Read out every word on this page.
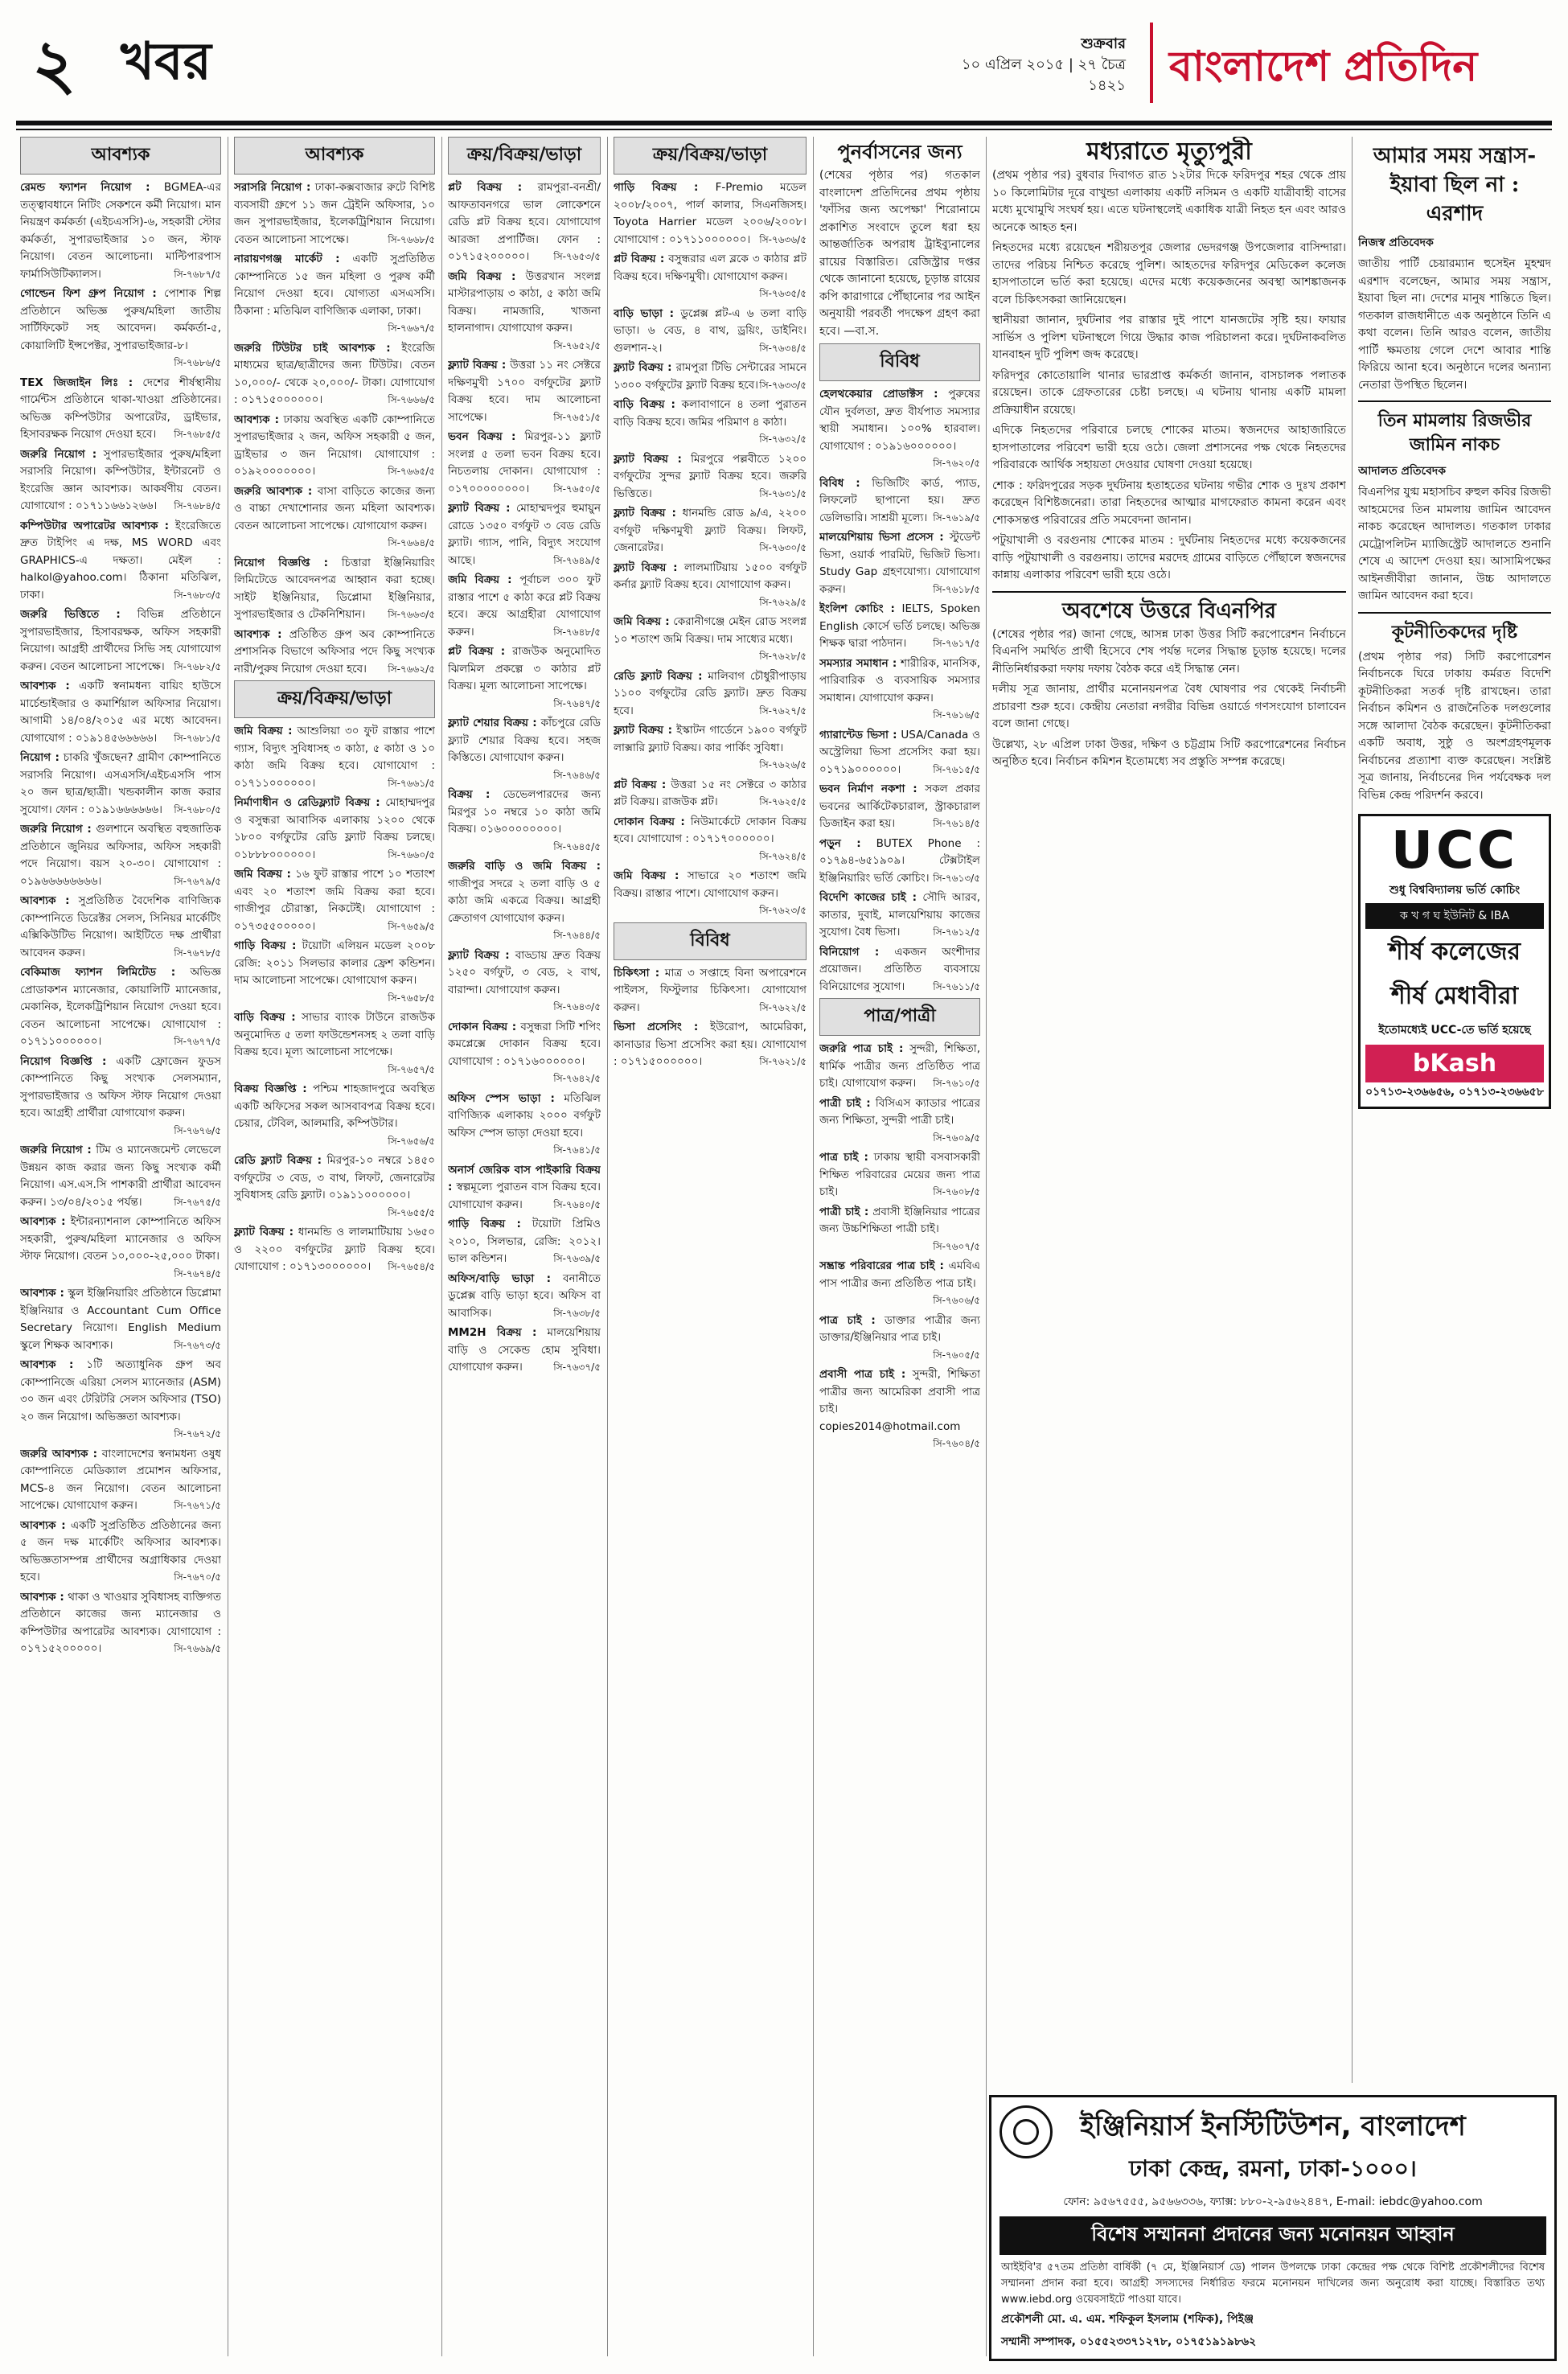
২ খবর	শুক্রবার
১০ এপ্রিল ২০১৫ | ২৭ চৈত্র ১৪২১ বাংলাদেশ প্রতিদিন
আবশ্যক

রেমন্ড ফ্যাশন নিয়োগ : BGMEA-এর তত্ত্বাবধানে নিটিং সেকশনে কর্মী নিয়োগ। মান নিয়ন্ত্রণ কর্মকর্তা (এইচএসসি)-৬, সহকারী স্টোর কর্মকর্তা, সুপারভাইজার ১০ জন, স্টাফ নিয়োগ। বেতন আলোচনা। মাল্টিপারপাস ফার্মাসিউটিক্যালস।	সি-৭৬৮৭/৫

গোল্ডেন ফিশ গ্রুপ নিয়োগ : পোশাক শিল্প প্রতিষ্ঠানে অভিজ্ঞ পুরুষ/মহিলা জাতীয় সার্টিফিকেট সহ আবেদন। কর্মকর্তা-৫, কোয়ালিটি ইন্সপেক্টর, সুপারভাইজার-৮।
সি-৭৬৮৬/৫

TEX জিজাইন লিঃ : দেশের শীর্ষস্থানীয় গার্মেন্টস প্রতিষ্ঠানে থাকা-খাওয়া প্রতিষ্ঠানের। অভিজ্ঞ কম্পিউটার অপারেটর, ড্রাইভার, হিসাবরক্ষক নিয়োগ দেওয়া হবে। সি-৭৬৮৫/৫

জরুরি নিয়োগ : সুপারভাইজার পুরুষ/মহিলা সরাসরি নিয়োগ। কম্পিউটার, ইন্টারনেট ও ইংরেজি জ্ঞান আবশ্যক। আকর্ষণীয় বেতন। যোগাযোগ : ০১৭১১৬৬১২৬৬। সি-৭৬৮৪/৫

কম্পিউটার অপারেটর আবশ্যক : ইংরেজিতে দ্রুত টাইপিং এ দক্ষ, MS WORD এবং GRAPHICS-এ দক্ষতা। মেইল : halkol@yahoo.com। ঠিকানা মতিঝিল, ঢাকা।	সি-৭৬৮৩/৫

জরুরি ভিত্তিতে : বিভিন্ন প্রতিষ্ঠানে সুপারভাইজার, হিসাবরক্ষক, অফিস সহকারী নিয়োগ। আগ্রহী প্রার্থীদের সিভি সহ যোগাযোগ করুন। বেতন আলোচনা সাপেক্ষে। সি-৭৬৮২/৫

আবশ্যক : একটি স্বনামধন্য বায়িং হাউসে মার্চেন্ডাইজার ও কমার্শিয়াল অফিসার নিয়োগ। আগামী ১৪/০৪/২০১৫ এর মধ্যে আবেদন। যোগাযোগ : ০১৯১৪৫৬৬৬৬৬। সি-৭৬৮১/৫

নিয়োগ : চাকরি খুঁজছেন? গ্রামীণ কোম্পানিতে সরাসরি নিয়োগ। এসএসসি/এইচএসসি পাস ২০ জন ছাত্র/ছাত্রী। খন্ডকালীন কাজ করার সুযোগ। ফোন : ০১৯১৬৬৬৬৬৬। সি-৭৬৮০/৫

জরুরি নিয়োগ : গুলশানে অবস্থিত বহুজাতিক প্রতিষ্ঠানে জুনিয়র অফিসার, অফিস সহকারী পদে নিয়োগ। বয়স ২০-৩০। যোগাযোগ : ০১৯৬৬৬৬৬৬৬৬।	সি-৭৬৭৯/৫

আবশ্যক : সুপ্রতিষ্ঠিত বৈদেশিক বাণিজ্যিক কোম্পানিতে ডিরেক্টর সেলস, সিনিয়র মার্কেটিং এক্সিকিউটিভ নিয়োগ। আইটিতে দক্ষ প্রার্থীরা আবেদন করুন।	সি-৭৬৭৮/৫

বেকিমাজ ফ্যাশন লিমিটেড : অভিজ্ঞ প্রোডাকশন ম্যানেজার, কোয়ালিটি ম্যানেজার, মেকানিক, ইলেকট্রিশিয়ান নিয়োগ দেওয়া হবে। বেতন আলোচনা সাপেক্ষে। যোগাযোগ : ০১৭১১০০০০০০।	সি-৭৬৭৭/৫

নিয়োগ বিজ্ঞপ্তি : একটি ফ্রোজেন ফুডস কোম্পানিতে কিছু সংখ্যক সেলসম্যান, সুপারভাইজার ও অফিস স্টাফ নিয়োগ দেওয়া হবে। আগ্রহী প্রার্থীরা যোগাযোগ করুন।
সি-৭৬৭৬/৫

জরুরি নিয়োগ : টিম ও ম্যানেজমেন্ট লেভেলে উন্নয়ন কাজ করার জন্য কিছু সংখ্যক কর্মী নিয়োগ। এস.এস.সি পাশকারী প্রার্থীরা আবেদন করুন। ১৩/০৪/২০১৫ পর্যন্ত।	সি-৭৬৭৫/৫

আবশ্যক : ইন্টারন্যাশনাল কোম্পানিতে অফিস সহকারী, পুরুষ/মহিলা ম্যানেজার ও অফিস স্টাফ নিয়োগ। বেতন ১০,০০০-২৫,০০০ টাকা।
সি-৭৬৭৪/৫

আবশ্যক : স্কুল ইঞ্জিনিয়ারিং প্রতিষ্ঠানে ডিপ্লোমা ইঞ্জিনিয়ার ও Accountant Cum Office Secretary নিয়োগ। English Medium স্কুলে শিক্ষক আবশ্যক।	সি-৭৬৭৩/৫

আবশ্যক : ১টি অত্যাধুনিক গ্রুপ অব কোম্পানিজে এরিয়া সেলস ম্যানেজার (ASM) ৩০ জন এবং টেরিটরি সেলস অফিসার (TSO) ২০ জন নিয়োগ। অভিজ্ঞতা আবশ্যক।
সি-৭৬৭২/৫

জরুরি আবশ্যক : বাংলাদেশের স্বনামধন্য ওষুধ কোম্পানিতে মেডিক্যাল প্রমোশন অফিসার, MCS-৪ জন নিয়োগ। বেতন আলোচনা সাপেক্ষে। যোগাযোগ করুন।	সি-৭৬৭১/৫

আবশ্যক : একটি সুপ্রতিষ্ঠিত প্রতিষ্ঠানের জন্য ৫ জন দক্ষ মার্কেটিং অফিসার আবশ্যক। অভিজ্ঞতাসম্পন্ন প্রার্থীদের অগ্রাধিকার দেওয়া হবে।	সি-৭৬৭০/৫

আবশ্যক : থাকা ও খাওয়ার সুবিধাসহ ব্যক্তিগত প্রতিষ্ঠানে কাজের জন্য ম্যানেজার ও কম্পিউটার অপারেটর আবশ্যক। যোগাযোগ : ০১৭১৫২০০০০০।	সি-৭৬৬৯/৫

আবশ্যক

সরাসরি নিয়োগ : ঢাকা-কক্সবাজার রুটে বিশিষ্ট ব্যবসায়ী গ্রুপে ১১ জন ট্রেইনি অফিসার, ১০ জন সুপারভাইজার, ইলেকট্রিশিয়ান নিয়োগ। বেতন আলোচনা সাপেক্ষে।	সি-৭৬৬৮/৫

নারায়ণগঞ্জ মার্কেট : একটি সুপ্রতিষ্ঠিত কোম্পানিতে ১৫ জন মহিলা ও পুরুষ কর্মী নিয়োগ দেওয়া হবে। যোগ্যতা এসএসসি। ঠিকানা : মতিঝিল বাণিজ্যিক এলাকা, ঢাকা।
সি-৭৬৬৭/৫

জরুরি টিউটর চাই আবশ্যক : ইংরেজি মাধ্যমের ছাত্র/ছাত্রীদের জন্য টিউটর। বেতন ১০,০০০/- থেকে ২০,০০০/- টাকা। যোগাযোগ : ০১৭১৫০০০০০০।	সি-৭৬৬৬/৫

আবশ্যক : ঢাকায় অবস্থিত একটি কোম্পানিতে সুপারভাইজার ২ জন, অফিস সহকারী ৫ জন, ড্রাইভার ৩ জন নিয়োগ। যোগাযোগ : ০১৯২০০০০০০০।	সি-৭৬৬৫/৫

জরুরি আবশ্যক : বাসা বাড়িতে কাজের জন্য ও বাচ্চা দেখাশোনার জন্য মহিলা আবশ্যক। বেতন আলোচনা সাপেক্ষে। যোগাযোগ করুন।
সি-৭৬৬৪/৫

নিয়োগ বিজ্ঞপ্তি : চিত্তারা ইঞ্জিনিয়ারিং লিমিটেডে আবেদনপত্র আহ্বান করা হচ্ছে। সাইট ইঞ্জিনিয়ার, ডিপ্লোমা ইঞ্জিনিয়ার, সুপারভাইজার ও টেকনিশিয়ান। সি-৭৬৬৩/৫

আবশ্যক : প্রতিষ্ঠিত গ্রুপ অব কোম্পানিতে প্রশাসনিক বিভাগে অফিসার পদে কিছু সংখ্যক নারী/পুরুষ নিয়োগ দেওয়া হবে। সি-৭৬৬২/৫

ক্রয়/বিক্রয়/ভাড়া

জমি বিক্রয় : আশুলিয়া ৩০ ফুট রাস্তার পাশে গ্যাস, বিদ্যুৎ সুবিধাসহ ৩ কাঠা, ৫ কাঠা ও ১০ কাঠা জমি বিক্রয় হবে। যোগাযোগ : ০১৭১১০০০০০০।	সি-৭৬৬১/৫

নির্মাণাধীন ও রেডিফ্ল্যাট বিক্রয় : মোহাম্মদপুর ও বসুন্ধরা আবাসিক এলাকায় ১২০০ থেকে ১৮০০ বর্গফুটের রেডি ফ্ল্যাট বিক্রয় চলছে। ০১৮৮৮০০০০০০।	সি-৭৬৬০/৫

জমি বিক্রয় : ১৬ ফুট রাস্তার পাশে ১০ শতাংশ এবং ২০ শতাংশ জমি বিক্রয় করা হবে। গাজীপুর চৌরাস্তা, নিকটেই। যোগাযোগ : ০১৭৩৫৫০০০০০।	সি-৭৬৫৯/৫

গাড়ি বিক্রয় : টয়োটা এলিয়ন মডেল ২০০৮ রেজি: ২০১১ সিলভার কালার ফ্রেশ কন্ডিশন। দাম আলোচনা সাপেক্ষে। যোগাযোগ করুন।
সি-৭৬৫৮/৫

বাড়ি বিক্রয় : সাভার ব্যাংক টাউনে রাজউক অনুমোদিত ৫ তলা ফাউন্ডেশনসহ ২ তলা বাড়ি বিক্রয় হবে। মূল্য আলোচনা সাপেক্ষে।
সি-৭৬৫৭/৫

বিক্রয় বিজ্ঞপ্তি : পশ্চিম শাহজাদপুরে অবস্থিত একটি অফিসের সকল আসবাবপত্র বিক্রয় হবে। চেয়ার, টেবিল, আলমারি, কম্পিউটার।
সি-৭৬৫৬/৫

রেডি ফ্ল্যাট বিক্রয় : মিরপুর-১০ নম্বরে ১৪৫০ বর্গফুটের ৩ বেড, ৩ বাথ, লিফট, জেনারেটর সুবিধাসহ রেডি ফ্ল্যাট। ০১৯১১০০০০০০।
সি-৭৬৫৫/৫

ফ্ল্যাট বিক্রয় : ধানমন্ডি ও লালমাটিয়ায় ১৬৫০ ও ২২০০ বর্গফুটের ফ্ল্যাট বিক্রয় হবে। যোগাযোগ : ০১৭১৩০০০০০০। সি-৭৬৫৪/৫

ক্রয়/বিক্রয়/ভাড়া

প্লট বিক্রয় : রামপুরা-বনশ্রী/আফতাবনগরে ভাল লোকেশনে রেডি প্লট বিক্রয় হবে। যোগাযোগ আরজা প্রপার্টিজ। ফোন : ০১৭১৫২০০০০০। সি-৭৬৫৩/৫

জমি বিক্রয় : উত্তরখান সংলগ্ন মাস্টারপাড়ায় ৩ কাঠা, ৫ কাঠা জমি বিক্রয়। নামজারি, খাজনা হালনাগাদ। যোগাযোগ করুন।
সি-৭৬৫২/৫

ফ্ল্যাট বিক্রয় : উত্তরা ১১ নং সেক্টরে দক্ষিণমুখী ১৭০০ বর্গফুটের ফ্ল্যাট বিক্রয় হবে। দাম আলোচনা সাপেক্ষে।	সি-৭৬৫১/৫

ভবন বিক্রয় : মিরপুর-১১ ফ্ল্যাট সংলগ্ন ৫ তলা ভবন বিক্রয় হবে। নিচতলায় দোকান। যোগাযোগ : ০১৭০০০০০০০০। সি-৭৬৫০/৫

ফ্ল্যাট বিক্রয় : মোহাম্মদপুর হুমায়ুন রোডে ১৩৫০ বর্গফুট ৩ বেড রেডি ফ্ল্যাট। গ্যাস, পানি, বিদ্যুৎ সংযোগ আছে।	সি-৭৬৪৯/৫

জমি বিক্রয় : পূর্বাচল ৩০০ ফুট রাস্তার পাশে ৫ কাঠা করে প্লট বিক্রয় হবে। ক্রয়ে আগ্রহীরা যোগাযোগ করুন।	সি-৭৬৪৮/৫

প্লট বিক্রয় : রাজউক অনুমোদিত ঝিলমিল প্রকল্পে ৩ কাঠার প্লট বিক্রয়। মূল্য আলোচনা সাপেক্ষে।
সি-৭৬৪৭/৫

ফ্ল্যাট শেয়ার বিক্রয় : কাঁচপুরে রেডি ফ্ল্যাট শেয়ার বিক্রয় হবে। সহজ কিস্তিতে। যোগাযোগ করুন।
সি-৭৬৪৬/৫

বিক্রয় : ডেভেলপারদের জন্য মিরপুর ১০ নম্বরে ১০ কাঠা জমি বিক্রয়। ০১৬০০০০০০০০।
সি-৭৬৪৫/৫

জরুরি বাড়ি ও জমি বিক্রয় : গাজীপুর সদরে ২ তলা বাড়ি ও ৫ কাঠা জমি একত্রে বিক্রয়। আগ্রহী ক্রেতাগণ যোগাযোগ করুন।
সি-৭৬৪৪/৫

ফ্ল্যাট বিক্রয় : বাড্ডায় দ্রুত বিক্রয় ১২৫০ বর্গফুট, ৩ বেড, ২ বাথ, বারান্দা। যোগাযোগ করুন।
সি-৭৬৪৩/৫

দোকান বিক্রয় : বসুন্ধরা সিটি শপিং কমপ্লেক্সে দোকান বিক্রয় হবে। যোগাযোগ : ০১৭১৬০০০০০০।
সি-৭৬৪২/৫

অফিস স্পেস ভাড়া : মতিঝিল বাণিজ্যিক এলাকায় ২০০০ বর্গফুট অফিস স্পেস ভাড়া দেওয়া হবে।
সি-৭৬৪১/৫

অনার্স জেরিক বাস পাইকারি বিক্রয় : স্বল্পমূল্যে পুরাতন বাস বিক্রয় হবে। যোগাযোগ করুন।	সি-৭৬৪০/৫

গাড়ি বিক্রয় : টয়োটা প্রিমিও ২০১০, সিলভার, রেজি: ২০১২। ভাল কন্ডিশন।	সি-৭৬৩৯/৫

অফিস/বাড়ি ভাড়া : বনানীতে ডুপ্লেক্স বাড়ি ভাড়া হবে। অফিস বা আবাসিক।	সি-৭৬৩৮/৫

MM2H বিক্রয় : মালয়েশিয়ায় বাড়ি ও সেকেন্ড হোম সুবিধা। যোগাযোগ করুন।	সি-৭৬৩৭/৫

ক্রয়/বিক্রয়/ভাড়া

গাড়ি বিক্রয় : F-Premio মডেল ২০০৮/২০০৭, পার্ল কালার, সিএনজিসহ। Toyota Harrier মডেল ২০০৬/২০০৮। যোগাযোগ : ০১৭১১০০০০০০। সি-৭৬৩৬/৫

প্লট বিক্রয় : বসুন্ধরার এল ব্লকে ৩ কাঠার প্লট বিক্রয় হবে। দক্ষিণমুখী। যোগাযোগ করুন।
সি-৭৬৩৫/৫

বাড়ি ভাড়া : ডুপ্লেক্স প্লট-এ ৬ তলা বাড়ি ভাড়া। ৬ বেড, ৪ বাথ, ড্রয়িং, ডাইনিং। গুলশান-২।	সি-৭৬৩৪/৫

ফ্ল্যাট বিক্রয় : রামপুরা টিভি সেন্টারের সামনে ১৩০০ বর্গফুটের ফ্ল্যাট বিক্রয় হবে। সি-৭৬৩৩/৫

বাড়ি বিক্রয় : কলাবাগানে ৪ তলা পুরাতন বাড়ি বিক্রয় হবে। জমির পরিমাণ ৪ কাঠা।
সি-৭৬৩২/৫

ফ্ল্যাট বিক্রয় : মিরপুরে পল্লবীতে ১২০০ বর্গফুটের সুন্দর ফ্ল্যাট বিক্রয় হবে। জরুরি ভিত্তিতে।	সি-৭৬৩১/৫

ফ্ল্যাট বিক্রয় : ধানমন্ডি রোড ৯/এ, ২২০০ বর্গফুট দক্ষিণমুখী ফ্ল্যাট বিক্রয়। লিফট, জেনারেটর।	সি-৭৬৩০/৫

ফ্ল্যাট বিক্রয় : লালমাটিয়ায় ১৫০০ বর্গফুট কর্নার ফ্ল্যাট বিক্রয় হবে। যোগাযোগ করুন।
সি-৭৬২৯/৫

জমি বিক্রয় : কেরানীগঞ্জে মেইন রোড সংলগ্ন ১০ শতাংশ জমি বিক্রয়। দাম সাধ্যের মধ্যে।
সি-৭৬২৮/৫

রেডি ফ্ল্যাট বিক্রয় : মালিবাগ চৌধুরীপাড়ায় ১১০০ বর্গফুটের রেডি ফ্ল্যাট। দ্রুত বিক্রয় হবে।	সি-৭৬২৭/৫

ফ্ল্যাট বিক্রয় : ইস্কাটন গার্ডেনে ১৯০০ বর্গফুট লাক্সারি ফ্ল্যাট বিক্রয়। কার পার্কিং সুবিধা।
সি-৭৬২৬/৫

প্লট বিক্রয় : উত্তরা ১৫ নং সেক্টরে ৩ কাঠার প্লট বিক্রয়। রাজউক প্লট।	সি-৭৬২৫/৫

দোকান বিক্রয় : নিউমার্কেটে দোকান বিক্রয় হবে। যোগাযোগ : ০১৭১৭০০০০০০।
সি-৭৬২৪/৫

জমি বিক্রয় : সাভারে ২০ শতাংশ জমি বিক্রয়। রাস্তার পাশে। যোগাযোগ করুন।
সি-৭৬২৩/৫

বিবিধ

চিকিৎসা : মাত্র ৩ সপ্তাহে বিনা অপারেশনে পাইলস, ফিস্টুলার চিকিৎসা। যোগাযোগ করুন।	সি-৭৬২২/৫

ভিসা প্রসেসিং : ইউরোপ, আমেরিকা, কানাডার ভিসা প্রসেসিং করা হয়। যোগাযোগ : ০১৭১৫০০০০০০।	সি-৭৬২১/৫

পুনর্বাসনের জন্য
(শেষের পৃষ্ঠার পর) গতকাল বাংলাদেশ প্রতিদিনের প্রথম পৃষ্ঠায় 'ফাঁসির জন্য অপেক্ষা' শিরোনামে প্রকাশিত সংবাদে তুলে ধরা হয় আন্তর্জাতিক অপরাধ ট্রাইব্যুনালের রায়ের বিস্তারিত। রেজিস্ট্রার দপ্তর থেকে জানানো হয়েছে, চূড়ান্ত রায়ের কপি কারাগারে পৌঁছানোর পর আইন অনুযায়ী পরবর্তী পদক্ষেপ গ্রহণ করা হবে। —বা.স.
বিবিধ

হেলথকেয়ার প্রোডাক্টস : পুরুষের যৌন দুর্বলতা, দ্রুত বীর্যপাত সমস্যার স্থায়ী সমাধান। ১০০% হারবাল। যোগাযোগ : ০১৯১৬০০০০০০।
সি-৭৬২০/৫

বিবিধ : ভিজিটিং কার্ড, প্যাড, লিফলেট ছাপানো হয়। দ্রুত ডেলিভারি। সাশ্রয়ী মূল্যে। সি-৭৬১৯/৫

মালয়েশিয়ায় ভিসা প্রসেস : স্টুডেন্ট ভিসা, ওয়ার্ক পারমিট, ভিজিট ভিসা। Study Gap গ্রহণযোগ্য। যোগাযোগ করুন।	সি-৭৬১৮/৫

ইংলিশ কোচিং : IELTS, Spoken English কোর্সে ভর্তি চলছে। অভিজ্ঞ শিক্ষক দ্বারা পাঠদান।	সি-৭৬১৭/৫

সমস্যার সমাধান : শারীরিক, মানসিক, পারিবারিক ও ব্যবসায়িক সমস্যার সমাধান। যোগাযোগ করুন।
সি-৭৬১৬/৫

গ্যারান্টেড ভিসা : USA/Canada ও অস্ট্রেলিয়া ভিসা প্রসেসিং করা হয়। ০১৭১৯০০০০০০।	সি-৭৬১৫/৫

ভবন নির্মাণ নকশা : সকল প্রকার ভবনের আর্কিটেকচারাল, স্ট্রাকচারাল ডিজাইন করা হয়।	সি-৭৬১৪/৫

পড়ুন : BUTEX Phone : ০১৭৯৪-৬৫১৯০৯। টেক্সটাইল ইঞ্জিনিয়ারিং ভর্তি কোচিং। সি-৭৬১৩/৫

বিদেশি কাজের চাই : সৌদি আরব, কাতার, দুবাই, মালয়েশিয়ায় কাজের সুযোগ। বৈধ ভিসা।	সি-৭৬১২/৫

বিনিয়োগ : একজন অংশীদার প্রয়োজন। প্রতিষ্ঠিত ব্যবসায়ে বিনিয়োগের সুযোগ।	সি-৭৬১১/৫

পাত্র/পাত্রী

জরুরি পাত্র চাই : সুন্দরী, শিক্ষিতা, ধার্মিক পাত্রীর জন্য প্রতিষ্ঠিত পাত্র চাই। যোগাযোগ করুন। সি-৭৬১০/৫

পাত্রী চাই : বিসিএস ক্যাডার পাত্রের জন্য শিক্ষিতা, সুন্দরী পাত্রী চাই।
সি-৭৬০৯/৫

পাত্র চাই : ঢাকায় স্থায়ী বসবাসকারী শিক্ষিত পরিবারের মেয়ের জন্য পাত্র চাই।	সি-৭৬০৮/৫

পাত্রী চাই : প্রবাসী ইঞ্জিনিয়ার পাত্রের জন্য উচ্চশিক্ষিতা পাত্রী চাই।
সি-৭৬০৭/৫

সম্ভ্রান্ত পরিবারের পাত্র চাই : এমবিএ পাস পাত্রীর জন্য প্রতিষ্ঠিত পাত্র চাই।
সি-৭৬০৬/৫

পাত্র চাই : ডাক্তার পাত্রীর জন্য ডাক্তার/ইঞ্জিনিয়ার পাত্র চাই।
সি-৭৬০৫/৫

প্রবাসী পাত্র চাই : সুন্দরী, শিক্ষিতা পাত্রীর জন্য আমেরিকা প্রবাসী পাত্র চাই। copies2014@hotmail.com
সি-৭৬০৪/৫

মধ্যরাতে মৃত্যুপুরী

(প্রথম পৃষ্ঠার পর) বুধবার দিবাগত রাত ১২টার দিকে ফরিদপুর শহর থেকে প্রায় ১০ কিলোমিটার দূরে বাখুন্ডা এলাকায় একটি নসিমন ও একটি যাত্রীবাহী বাসের মধ্যে মুখোমুখি সংঘর্ষ হয়। এতে ঘটনাস্থলেই একাধিক যাত্রী নিহত হন এবং আরও অনেকে আহত হন।

নিহতদের মধ্যে রয়েছেন শরীয়তপুর জেলার ভেদরগঞ্জ উপজেলার বাসিন্দারা। তাদের পরিচয় নিশ্চিত করেছে পুলিশ। আহতদের ফরিদপুর মেডিকেল কলেজ হাসপাতালে ভর্তি করা হয়েছে। এদের মধ্যে কয়েকজনের অবস্থা আশঙ্কাজনক বলে চিকিৎসকরা জানিয়েছেন।

স্থানীয়রা জানান, দুর্ঘটনার পর রাস্তার দুই পাশে যানজটের সৃষ্টি হয়। ফায়ার সার্ভিস ও পুলিশ ঘটনাস্থলে গিয়ে উদ্ধার কাজ পরিচালনা করে। দুর্ঘটনাকবলিত যানবাহন দুটি পুলিশ জব্দ করেছে।

ফরিদপুর কোতোয়ালি থানার ভারপ্রাপ্ত কর্মকর্তা জানান, বাসচালক পলাতক রয়েছেন। তাকে গ্রেফতারের চেষ্টা চলছে। এ ঘটনায় থানায় একটি মামলা প্রক্রিয়াধীন রয়েছে।

এদিকে নিহতদের পরিবারে চলছে শোকের মাতম। স্বজনদের আহাজারিতে হাসপাতালের পরিবেশ ভারী হয়ে ওঠে। জেলা প্রশাসনের পক্ষ থেকে নিহতদের পরিবারকে আর্থিক সহায়তা দেওয়ার ঘোষণা দেওয়া হয়েছে।

শোক : ফরিদপুরের সড়ক দুর্ঘটনায় হতাহতের ঘটনায় গভীর শোক ও দুঃখ প্রকাশ করেছেন বিশিষ্টজনেরা। তারা নিহতদের আত্মার মাগফেরাত কামনা করেন এবং শোকসন্তপ্ত পরিবারের প্রতি সমবেদনা জানান।

পটুয়াখালী ও বরগুনায় শোকের মাতম : দুর্ঘটনায় নিহতদের মধ্যে কয়েকজনের বাড়ি পটুয়াখালী ও বরগুনায়। তাদের মরদেহ গ্রামের বাড়িতে পৌঁছালে স্বজনদের কান্নায় এলাকার পরিবেশ ভারী হয়ে ওঠে।

অবশেষে উত্তরে বিএনপির

(শেষের পৃষ্ঠার পর) জানা গেছে, আসন্ন ঢাকা উত্তর সিটি করপোরেশন নির্বাচনে বিএনপি সমর্থিত প্রার্থী হিসেবে শেষ পর্যন্ত দলের সিদ্ধান্ত চূড়ান্ত হয়েছে। দলের নীতিনির্ধারকরা দফায় দফায় বৈঠক করে এই সিদ্ধান্ত নেন।

দলীয় সূত্র জানায়, প্রার্থীর মনোনয়নপত্র বৈধ ঘোষণার পর থেকেই নির্বাচনী প্রচারণা শুরু হবে। কেন্দ্রীয় নেতারা নগরীর বিভিন্ন ওয়ার্ডে গণসংযোগ চালাবেন বলে জানা গেছে।

উল্লেখ্য, ২৮ এপ্রিল ঢাকা উত্তর, দক্ষিণ ও চট্টগ্রাম সিটি করপোরেশনের নির্বাচন অনুষ্ঠিত হবে। নির্বাচন কমিশন ইতোমধ্যে সব প্রস্তুতি সম্পন্ন করেছে।

আমার সময় সন্ত্রাস-ইয়াবা ছিল না : এরশাদ
নিজস্ব প্রতিবেদক
জাতীয় পার্টি চেয়ারম্যান হুসেইন মুহম্মদ এরশাদ বলেছেন, আমার সময় সন্ত্রাস, ইয়াবা ছিল না। দেশের মানুষ শান্তিতে ছিল। গতকাল রাজধানীতে এক অনুষ্ঠানে তিনি এ কথা বলেন। তিনি আরও বলেন, জাতীয় পার্টি ক্ষমতায় গেলে দেশে আবার শান্তি ফিরিয়ে আনা হবে। অনুষ্ঠানে দলের অন্যান্য নেতারা উপস্থিত ছিলেন।
তিন মামলায় রিজভীর জামিন নাকচ
আদালত প্রতিবেদক
বিএনপির যুগ্ম মহাসচিব রুহুল কবির রিজভী আহমেদের তিন মামলায় জামিন আবেদন নাকচ করেছেন আদালত। গতকাল ঢাকার মেট্রোপলিটন ম্যাজিস্ট্রেট আদালতে শুনানি শেষে এ আদেশ দেওয়া হয়। আসামিপক্ষের আইনজীবীরা জানান, উচ্চ আদালতে জামিন আবেদন করা হবে।
কূটনীতিকদের দৃষ্টি
(প্রথম পৃষ্ঠার পর) সিটি করপোরেশন নির্বাচনকে ঘিরে ঢাকায় কর্মরত বিদেশি কূটনীতিকরা সতর্ক দৃষ্টি রাখছেন। তারা নির্বাচন কমিশন ও রাজনৈতিক দলগুলোর সঙ্গে আলাদা বৈঠক করেছেন। কূটনীতিকরা একটি অবাধ, সুষ্ঠু ও অংশগ্রহণমূলক নির্বাচনের প্রত্যাশা ব্যক্ত করেছেন। সংশ্লিষ্ট সূত্র জানায়, নির্বাচনের দিন পর্যবেক্ষক দল বিভিন্ন কেন্দ্র পরিদর্শন করবে।
UCC
শুধু বিশ্ববিদ্যালয় ভর্তি কোচিং
ক খ গ ঘ ইউনিট & IBA
শীর্ষ কলেজের
শীর্ষ মেধাবীরা
ইতোমধ্যেই UCC-তে ভর্তি হয়েছে
bKash
০১৭১৩-২৩৬৬৫৬, ০১৭১৩-২৩৬৬৫৮
ইঞ্জিনিয়ার্স ইনস্টিটিউশন, বাংলাদেশ
ঢাকা কেন্দ্র, রমনা, ঢাকা-১০০০।
ফোন: ৯৫৬৭৫৫৫, ৯৫৬৬৩৩৬, ফ্যাক্স: ৮৮০-২-৯৫৬২৪৪৭, E-mail: iebdc@yahoo.com
বিশেষ সম্মাননা প্রদানের জন্য মনোনয়ন আহ্বান
আইইবি'র ৫৭তম প্রতিষ্ঠা বার্ষিকী (৭ মে, ইঞ্জিনিয়ার্স ডে) পালন উপলক্ষে ঢাকা কেন্দ্রের পক্ষ থেকে বিশিষ্ট প্রকৌশলীদের বিশেষ সম্মাননা প্রদান করা হবে। আগ্রহী সদস্যদের নির্ধারিত ফরমে মনোনয়ন দাখিলের জন্য অনুরোধ করা যাচ্ছে। বিস্তারিত তথ্য www.iebd.org ওয়েবসাইটে পাওয়া যাবে।
প্রকৌশলী মো. এ. এম. শফিকুল ইসলাম (শফিক), পিইঞ্জ
সম্মানী সম্পাদক, ০১৫৫২৩৩৭১২৭৮, ০১৭৫১৯১৯৮৬২
